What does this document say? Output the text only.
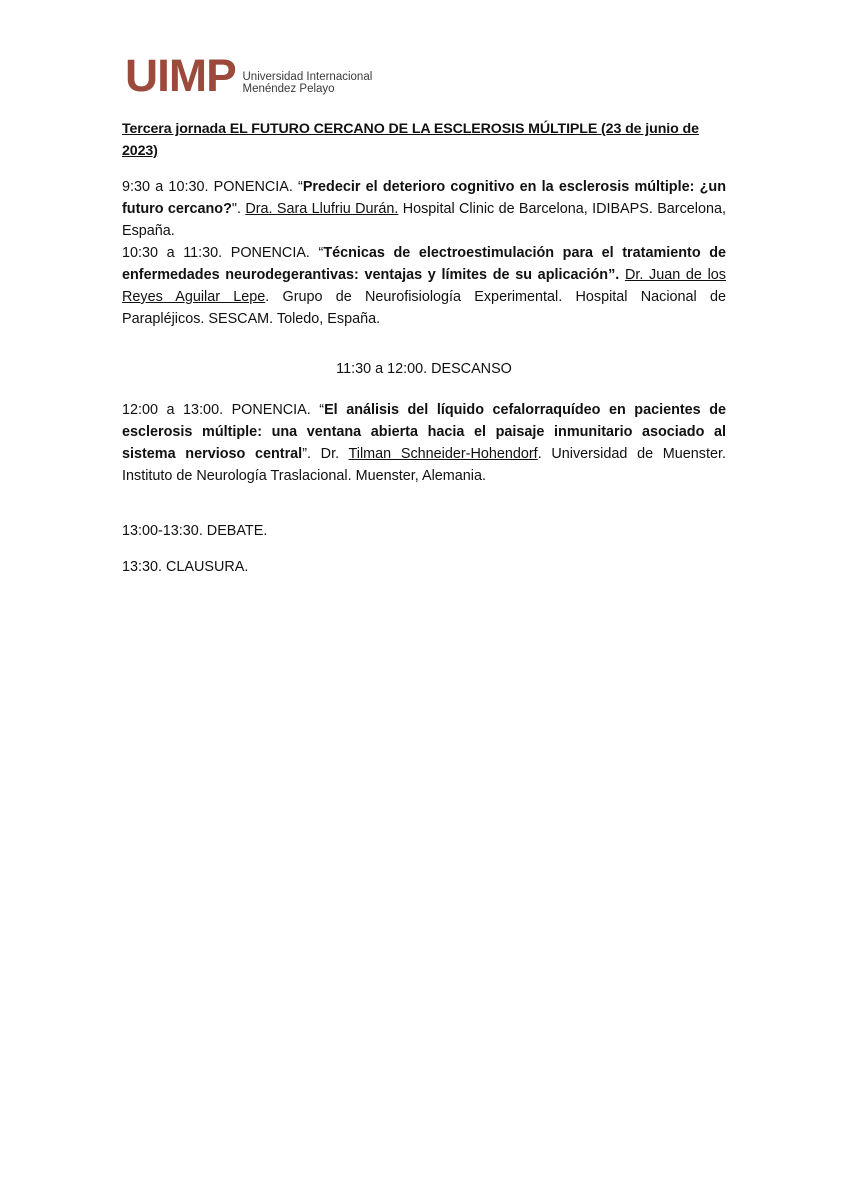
UIMP Universidad Internacional
Menéndez Pelayo

Tercera jornada EL FUTURO CERCANO DE LA ESCLEROSIS MÚLTIPLE (23 de junio de 2023)

9:30 a 10:30. PONENCIA. “Predecir el deterioro cognitivo en la esclerosis múltiple: ¿un futuro cercano?". Dra. Sara Llufriu Durán. Hospital Clinic de Barcelona, IDIBAPS. Barcelona, España.

10:30 a 11:30. PONENCIA. “Técnicas de electroestimulación para el tratamiento de enfermedades neurodegerantivas: ventajas y límites de su aplicación”. Dr. Juan de los Reyes Aguilar Lepe. Grupo de Neurofisiología Experimental. Hospital Nacional de Parapléjicos. SESCAM. Toledo, España.

11:30 a 12:00. DESCANSO

12:00 a 13:00. PONENCIA. “El análisis del líquido cefalorraquídeo en pacientes de esclerosis múltiple: una ventana abierta hacia el paisaje inmunitario asociado al sistema nervioso central”. Dr. Tilman Schneider-Hohendorf. Universidad de Muenster. Instituto de Neurología Traslacional. Muenster, Alemania.

13:00-13:30. DEBATE.

13:30. CLAUSURA.
